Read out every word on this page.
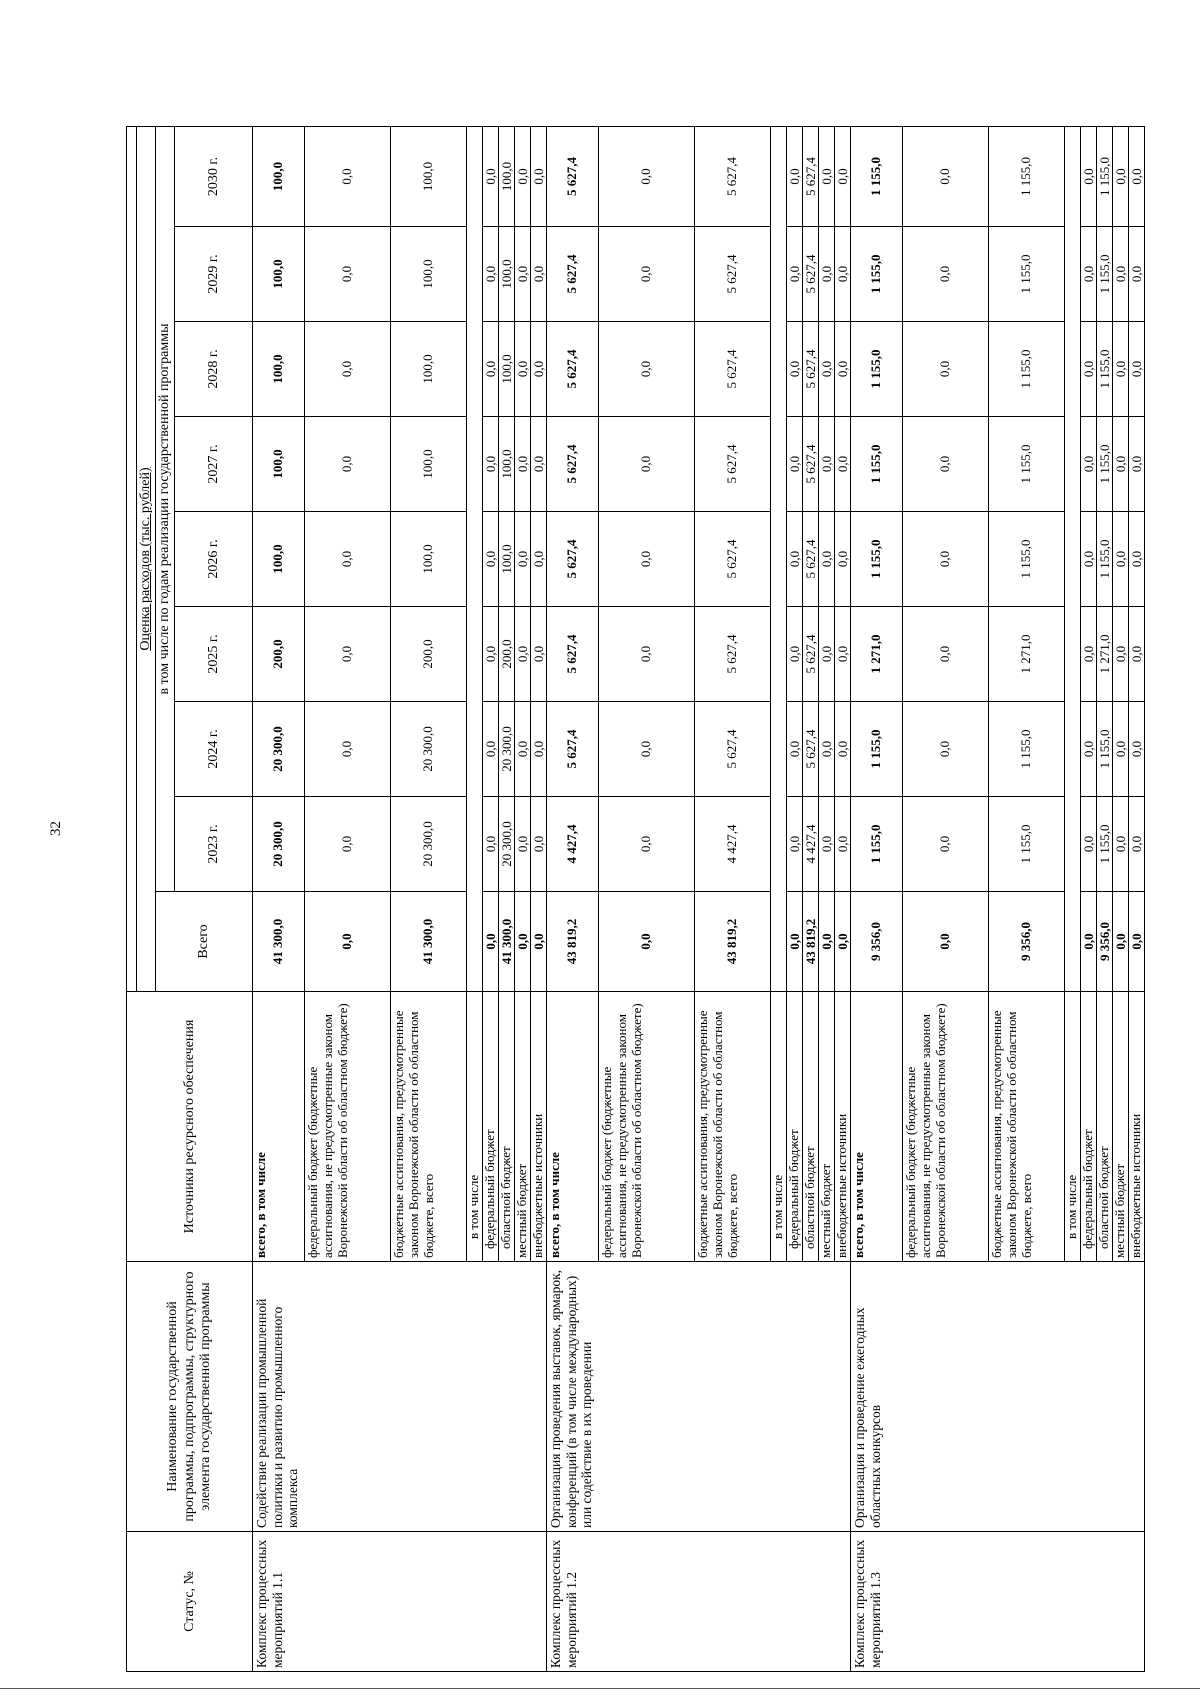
32
Статус, №	Наименование государственной программы, подпрограммы, структурного элемента государственной программы	Источники ресурсного обеспечения									
			Оценка расходов (тыс. рублей)								
			Всего	в том числе по годам реализации государственной программы							
				2023 г.	2024 г.	2025 г.	2026 г.	2027 г.	2028 г.	2029 г.	2030 г.
Комплекс процессных мероприятий 1.1	Содействие реализации промышленной политики и развитию промышленного комплекса	всего, в том числе	41 300,0	20 300,0	20 300,0	200,0	100,0	100,0	100,0	100,0	100,0
		федеральный бюджет (бюджетные ассигнования, не предусмотренные законом Воронежской области об областном бюджете)	0,0	0,0	0,0	0,0	0,0	0,0	0,0	0,0	0,0
		бюджетные ассигнования, предусмотренные законом Воронежской области об областном бюджете, всего	41 300,0	20 300,0	20 300,0	200,0	100,0	100,0	100,0	100,0	100,0
		в том числе									
		федеральный бюджет	0,0	0,0	0,0	0,0	0,0	0,0	0,0	0,0	0,0
		областной бюджет	41 300,0	20 300,0	20 300,0	200,0	100,0	100,0	100,0	100,0	100,0
		местный бюджет	0,0	0,0	0,0	0,0	0,0	0,0	0,0	0,0	0,0
		внебюджетные источники	0,0	0,0	0,0	0,0	0,0	0,0	0,0	0,0	0,0
Комплекс процессных мероприятий 1.2	Организация проведения выставок, ярмарок, конференций (в том числе международных) или содействие в их проведении	всего, в том числе	43 819,2	4 427,4	5 627,4	5 627,4	5 627,4	5 627,4	5 627,4	5 627,4	5 627,4
		федеральный бюджет (бюджетные ассигнования, не предусмотренные законом Воронежской области об областном бюджете)	0,0	0,0	0,0	0,0	0,0	0,0	0,0	0,0	0,0
		бюджетные ассигнования, предусмотренные законом Воронежской области об областном бюджете, всего	43 819,2	4 427,4	5 627,4	5 627,4	5 627,4	5 627,4	5 627,4	5 627,4	5 627,4
		в том числе									
		федеральный бюджет	0,0	0,0	0,0	0,0	0,0	0,0	0,0	0,0	0,0
		областной бюджет	43 819,2	4 427,4	5 627,4	5 627,4	5 627,4	5 627,4	5 627,4	5 627,4	5 627,4
		местный бюджет	0,0	0,0	0,0	0,0	0,0	0,0	0,0	0,0	0,0
		внебюджетные источники	0,0	0,0	0,0	0,0	0,0	0,0	0,0	0,0	0,0
Комплекс процессных мероприятий 1.3	Организация и проведение ежегодных областных конкурсов	всего, в том числе	9 356,0	1 155,0	1 155,0	1 271,0	1 155,0	1 155,0	1 155,0	1 155,0	1 155,0
		федеральный бюджет (бюджетные ассигнования, не предусмотренные законом Воронежской области об областном бюджете)	0,0	0,0	0,0	0,0	0,0	0,0	0,0	0,0	0,0
		бюджетные ассигнования, предусмотренные законом Воронежской области об областном бюджете, всего	9 356,0	1 155,0	1 155,0	1 271,0	1 155,0	1 155,0	1 155,0	1 155,0	1 155,0
		в том числе									
		федеральный бюджет	0,0	0,0	0,0	0,0	0,0	0,0	0,0	0,0	0,0
		областной бюджет	9 356,0	1 155,0	1 155,0	1 271,0	1 155,0	1 155,0	1 155,0	1 155,0	1 155,0
		местный бюджет	0,0	0,0	0,0	0,0	0,0	0,0	0,0	0,0	0,0
		внебюджетные источники	0,0	0,0	0,0	0,0	0,0	0,0	0,0	0,0	0,0
